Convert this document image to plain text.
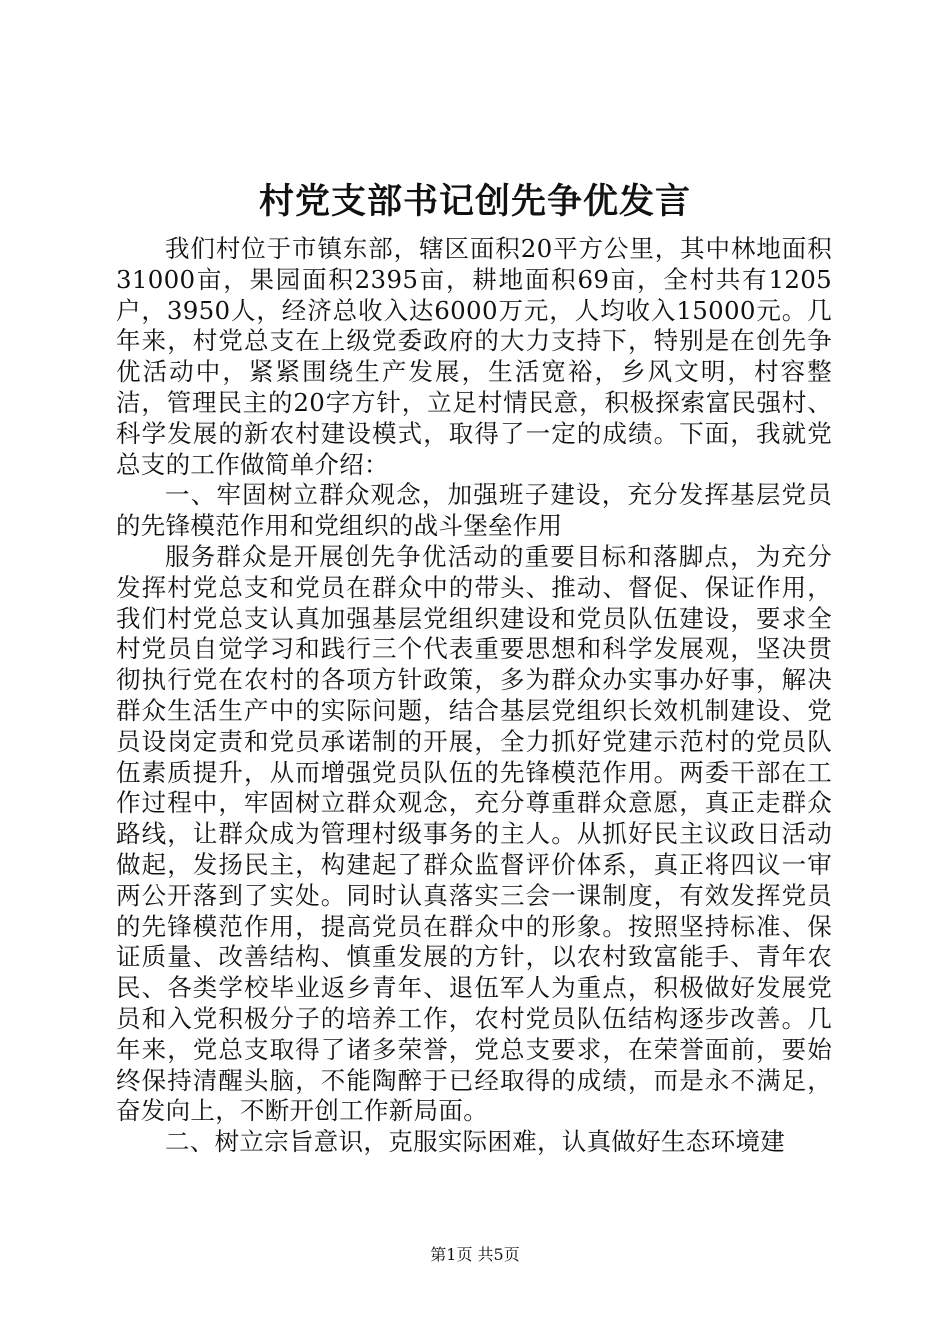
村党支部书记创先争优发言

我们村位于市镇东部，辖区面积20平方公里，其中林地面积31000亩，果园面积2395亩，耕地面积69亩，全村共有1205户，3950人，经济总收入达6000万元，人均收入15000元。几年来，村党总支在上级党委政府的大力支持下，特别是在创先争优活动中，紧紧围绕生产发展，生活宽裕，乡风文明，村容整洁，管理民主的20字方针，立足村情民意，积极探索富民强村、科学发展的新农村建设模式，取得了一定的成绩。下面，我就党总支的工作做简单介绍：

一、牢固树立群众观念，加强班子建设，充分发挥基层党员的先锋模范作用和党组织的战斗堡垒作用

服务群众是开展创先争优活动的重要目标和落脚点，为充分发挥村党总支和党员在群众中的带头、推动、督促、保证作用，我们村党总支认真加强基层党组织建设和党员队伍建设，要求全村党员自觉学习和践行三个代表重要思想和科学发展观，坚决贯彻执行党在农村的各项方针政策，多为群众办实事办好事，解决群众生活生产中的实际问题，结合基层党组织长效机制建设、党员设岗定责和党员承诺制的开展，全力抓好党建示范村的党员队伍素质提升，从而增强党员队伍的先锋模范作用。两委干部在工作过程中，牢固树立群众观念，充分尊重群众意愿，真正走群众路线，让群众成为管理村级事务的主人。从抓好民主议政日活动做起，发扬民主，构建起了群众监督评价体系，真正将四议一审两公开落到了实处。同时认真落实三会一课制度，有效发挥党员的先锋模范作用，提高党员在群众中的形象。按照坚持标准、保证质量、改善结构、慎重发展的方针，以农村致富能手、青年农民、各类学校毕业返乡青年、退伍军人为重点，积极做好发展党员和入党积极分子的培养工作，农村党员队伍结构逐步改善。几年来，党总支取得了诸多荣誉，党总支要求，在荣誉面前，要始终保持清醒头脑，不能陶醉于已经取得的成绩，而是永不满足，奋发向上，不断开创工作新局面。

二、树立宗旨意识，克服实际困难，认真做好生态环境建

第1页 共5页
